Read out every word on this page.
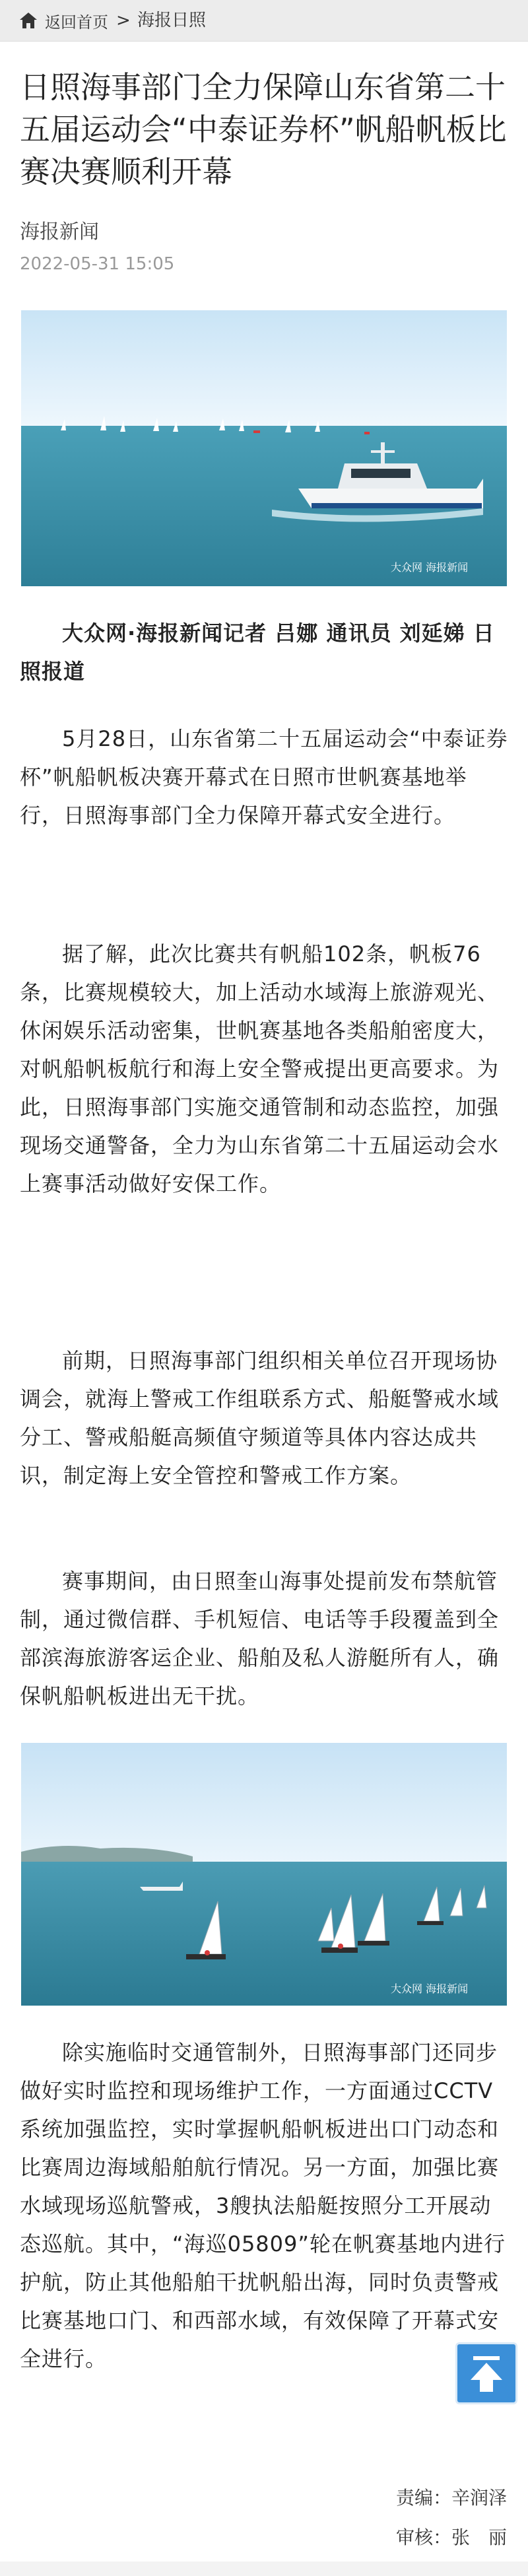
返回首页 > 海报日照
日照海事部门全力保障山东省第二十五届运动会“中泰证券杯”帆船帆板比赛决赛顺利开幕
海报新闻
2022-05-31 15:05
大众网 海报新闻

大众网·海报新闻记者 吕娜 通讯员 刘延娣 日照报道

5月28日，山东省第二十五届运动会“中泰证券杯”帆船帆板决赛开幕式在日照市世帆赛基地举行，日照海事部门全力保障开幕式安全进行。

据了解，此次比赛共有帆船102条，帆板76条，比赛规模较大，加上活动水域海上旅游观光、休闲娱乐活动密集，世帆赛基地各类船舶密度大，对帆船帆板航行和海上安全警戒提出更高要求。为此，日照海事部门实施交通管制和动态监控，加强现场交通警备，全力为山东省第二十五届运动会水上赛事活动做好安保工作。

前期，日照海事部门组织相关单位召开现场协调会，就海上警戒工作组联系方式、船艇警戒水域分工、警戒船艇高频值守频道等具体内容达成共识，制定海上安全管控和警戒工作方案。

赛事期间，由日照奎山海事处提前发布禁航管制，通过微信群、手机短信、电话等手段覆盖到全部滨海旅游客运企业、船舶及私人游艇所有人，确保帆船帆板进出无干扰。

大众网 海报新闻

除实施临时交通管制外，日照海事部门还同步做好实时监控和现场维护工作，一方面通过CCTV系统加强监控，实时掌握帆船帆板进出口门动态和比赛周边海域船舶航行情况。另一方面，加强比赛水域现场巡航警戒，3艘执法船艇按照分工开展动态巡航。其中，“海巡05809”轮在帆赛基地内进行护航，防止其他船舶干扰帆船出海，同时负责警戒比赛基地口门、和西部水域，有效保障了开幕式安全进行。

责编：辛润泽
审核：张　丽
